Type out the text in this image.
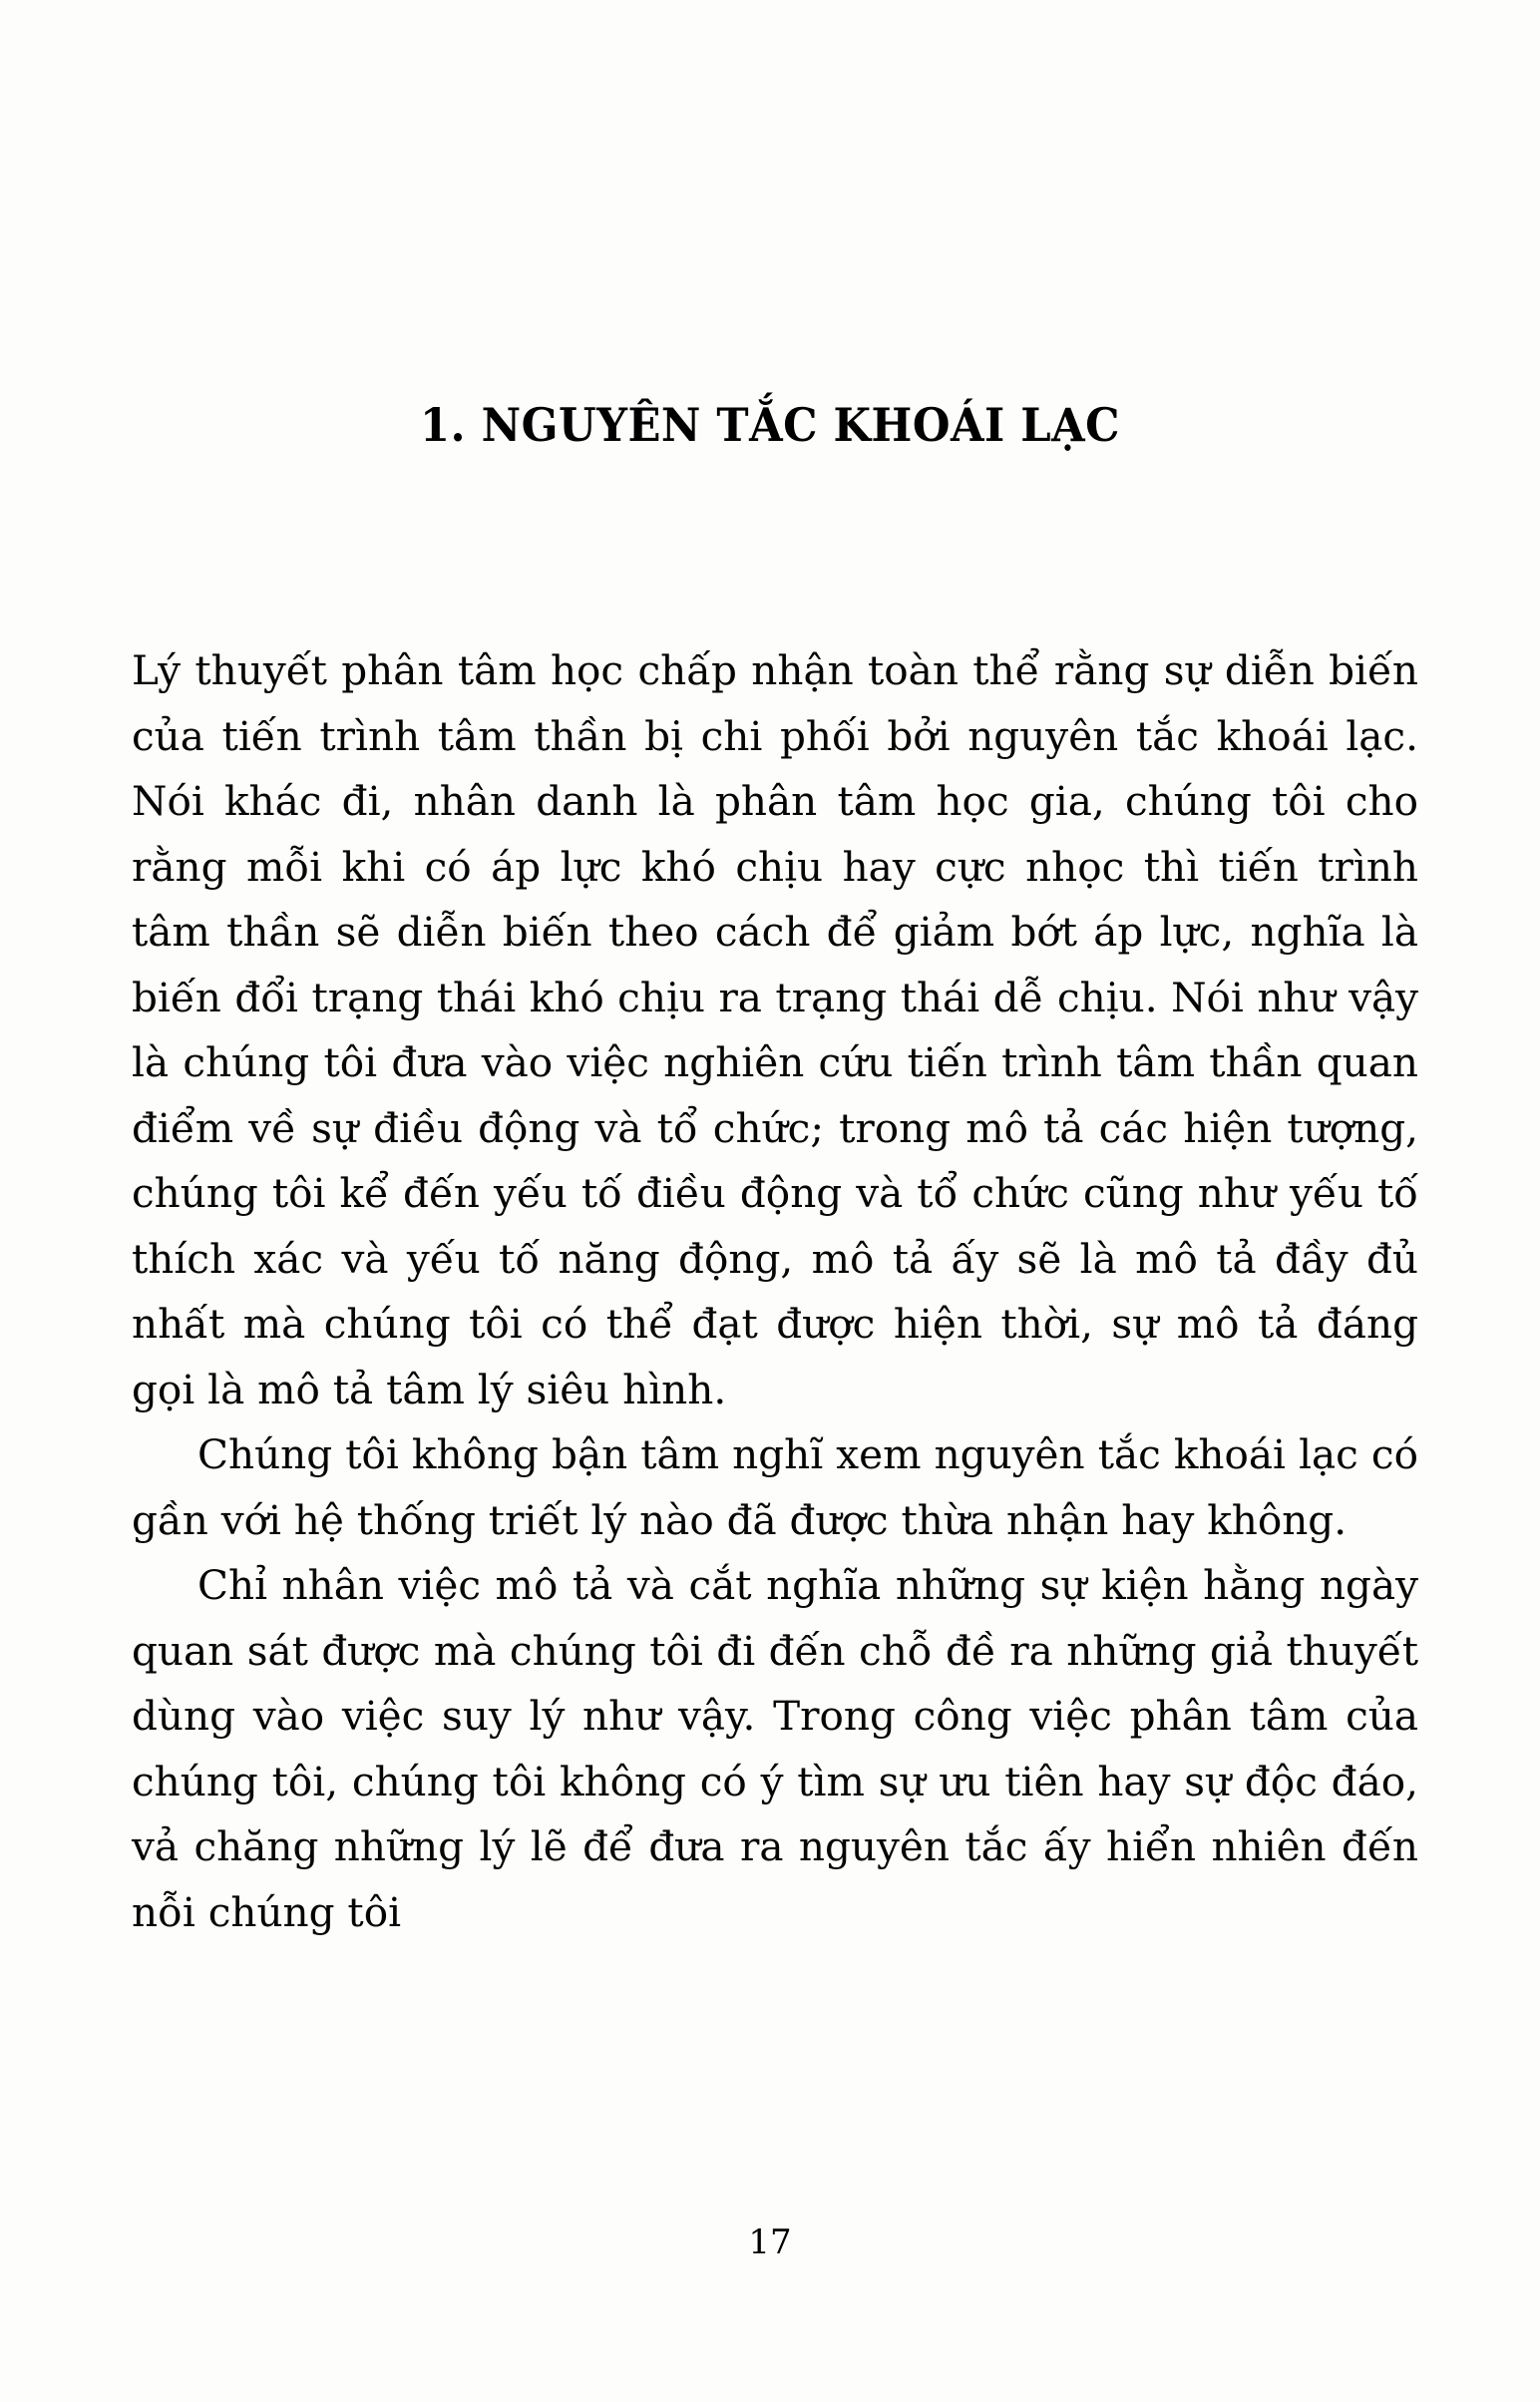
1. NGUYÊN TẮC KHOÁI LẠC

Lý thuyết phân tâm học chấp nhận toàn thể rằng sự diễn biến của tiến trình tâm thần bị chi phối bởi nguyên tắc khoái lạc. Nói khác đi, nhân danh là phân tâm học gia, chúng tôi cho rằng mỗi khi có áp lực khó chịu hay cực nhọc thì tiến trình tâm thần sẽ diễn biến theo cách để giảm bớt áp lực, nghĩa là biến đổi trạng thái khó chịu ra trạng thái dễ chịu. Nói như vậy là chúng tôi đưa vào việc nghiên cứu tiến trình tâm thần quan điểm về sự điều động và tổ chức; trong mô tả các hiện tượng, chúng tôi kể đến yếu tố điều động và tổ chức cũng như yếu tố thích xác và yếu tố năng động, mô tả ấy sẽ là mô tả đầy đủ nhất mà chúng tôi có thể đạt được hiện thời, sự mô tả đáng gọi là mô tả tâm lý siêu hình.

Chúng tôi không bận tâm nghĩ xem nguyên tắc khoái lạc có gần với hệ thống triết lý nào đã được thừa nhận hay không.

Chỉ nhân việc mô tả và cắt nghĩa những sự kiện hằng ngày quan sát được mà chúng tôi đi đến chỗ đề ra những giả thuyết dùng vào việc suy lý như vậy. Trong công việc phân tâm của chúng tôi, chúng tôi không có ý tìm sự ưu tiên hay sự độc đáo, vả chăng những lý lẽ để đưa ra nguyên tắc ấy hiển nhiên đến nỗi chúng tôi

17
